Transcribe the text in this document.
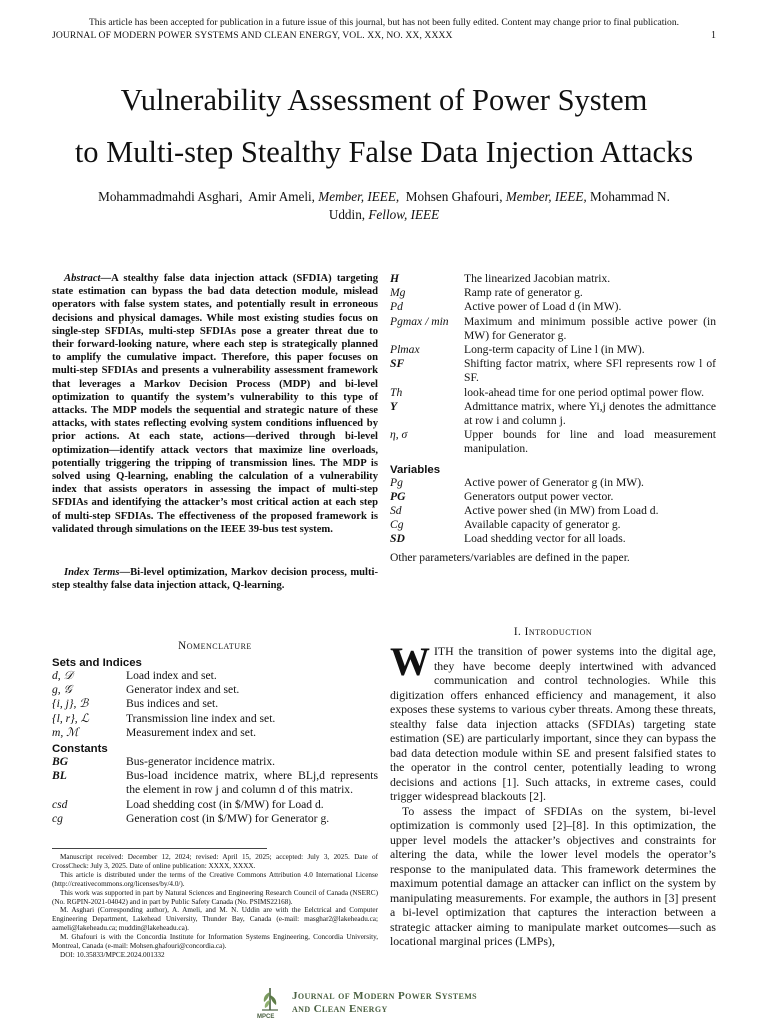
This article has been accepted for publication in a future issue of this journal, but has not been fully edited. Content may change prior to final publication.
JOURNAL OF MODERN POWER SYSTEMS AND CLEAN ENERGY, VOL. XX, NO. XX, XXXX	1
Vulnerability Assessment of Power System
to Multi-step Stealthy False Data Injection Attacks
Mohammadmahdi Asghari, Amir Ameli, Member, IEEE, Mohsen Ghafouri, Member, IEEE, Mohammad N. Uddin, Fellow, IEEE

Abstract—A stealthy false data injection attack (SFDIA) targeting state estimation can bypass the bad data detection module, mislead operators with false system states, and potentially result in erroneous decisions and physical damages. While most existing studies focus on single-step SFDIAs, multi-step SFDIAs pose a greater threat due to their forward-looking nature, where each step is strategically planned to amplify the cumulative impact. Therefore, this paper focuses on multi-step SFDIAs and presents a vulnerability assessment framework that leverages a Markov Decision Process (MDP) and bi-level optimization to quantify the system’s vulnerability to this type of attacks. The MDP models the sequential and strategic nature of these attacks, with states reflecting evolving system conditions influenced by prior actions. At each state, actions—derived through bi-level optimization—identify attack vectors that maximize line overloads, potentially triggering the tripping of transmission lines. The MDP is solved using Q-learning, enabling the calculation of a vulnerability index that assists operators in assessing the impact of multi-step SFDIAs and identifying the attacker’s most critical action at each step of multi-step SFDIAs. The effectiveness of the proposed framework is validated through simulations on the IEEE 39-bus test system.

Index Terms—Bi-level optimization, Markov decision process, multi-step stealthy false data injection attack, Q-learning.
Nomenclature
Sets and Indices
d, 𝒟	Load index and set.
g, 𝒢	Generator index and set.
{i, j}, ℬ	Bus indices and set.
{l, r}, ℒ	Transmission line index and set.
m, ℳ	Measurement index and set.
Constants
BG	Bus-generator incidence matrix.
BL	Bus-load incidence matrix, where BLj,d represents the element in row j and column d of this matrix.
csd	Load shedding cost (in $/MW) for Load d.
cg	Generation cost (in $/MW) for Generator g.

Manuscript received: December 12, 2024; revised: April 15, 2025; accepted: July 3, 2025. Date of CrossCheck: July 3, 2025. Date of online publication: XXXX, XXXX.

This article is distributed under the terms of the Creative Commons Attribution 4.0 International License (http://creativecommons.org/licenses/by/4.0/).

This work was supported in part by Natural Sciences and Engineering Research Council of Canada (NSERC) (No. RGPIN-2021-04042) and in part by Public Safety Canada (No. PSIMS22168).

M. Asghari (Corresponding author), A. Ameli, and M. N. Uddin are with the Eelctrical and Computer Engineering Department, Lakehead University, Thunder Bay, Canada (e-mail: masghar2@lakeheadu.ca; aameli@lakeheadu.ca; muddin@lakeheadu.ca).

M. Ghafouri is with the Concordia Institute for Information Systems Engineering, Concordia University, Montreal, Canada (e-mail: Mohsen.ghafouri@concordia.ca).

DOI: 10.35833/MPCE.2024.001332

H	The linearized Jacobian matrix.
Mg	Ramp rate of generator g.
Pd	Active power of Load d (in MW).
Pgmax / min	Maximum and minimum possible active power (in MW) for Generator g.
Plmax	Long-term capacity of Line l (in MW).
SF	Shifting factor matrix, where SFl represents row l of SF.
Th	look-ahead time for one period optimal power flow.
Y	Admittance matrix, where Yi,j denotes the admittance at row i and column j.
η, σ	Upper bounds for line and load measurement manipulation.
Variables
Pg	Active power of Generator g (in MW).
PG	Generators output power vector.
Sd	Active power shed (in MW) from Load d.
Cg	Available capacity of generator g.
SD	Load shedding vector for all loads.
Other parameters/variables are defined in the paper.
I. Introduction

WITH the transition of power systems into the digital age, they have become deeply intertwined with advanced communication and control technologies. While this digitization offers enhanced efficiency and management, it also exposes these systems to various cyber threats. Among these threats, stealthy false data injection attacks (SFDIAs) targeting state estimation (SE) are particularly important, since they can bypass the bad data detection module within SE and present falsified states to the operator in the control center, potentially leading to wrong decisions and actions [1]. Such attacks, in extreme cases, could trigger widespread blackouts [2].

To assess the impact of SFDIAs on the system, bi-level optimization is commonly used [2]–[8]. In this optimization, the upper level models the attacker’s objectives and constraints for altering the data, while the lower level models the operator’s response to the manipulated data. This framework determines the maximum potential damage an attacker can inflict on the system by manipulating measurements. For example, the authors in [3] present a bi-level optimization that captures the interaction between a strategic attacker aiming to manipulate market outcomes—such as locational marginal prices (LMPs),

MPCE
Journal of Modern Power Systems
and Clean Energy
